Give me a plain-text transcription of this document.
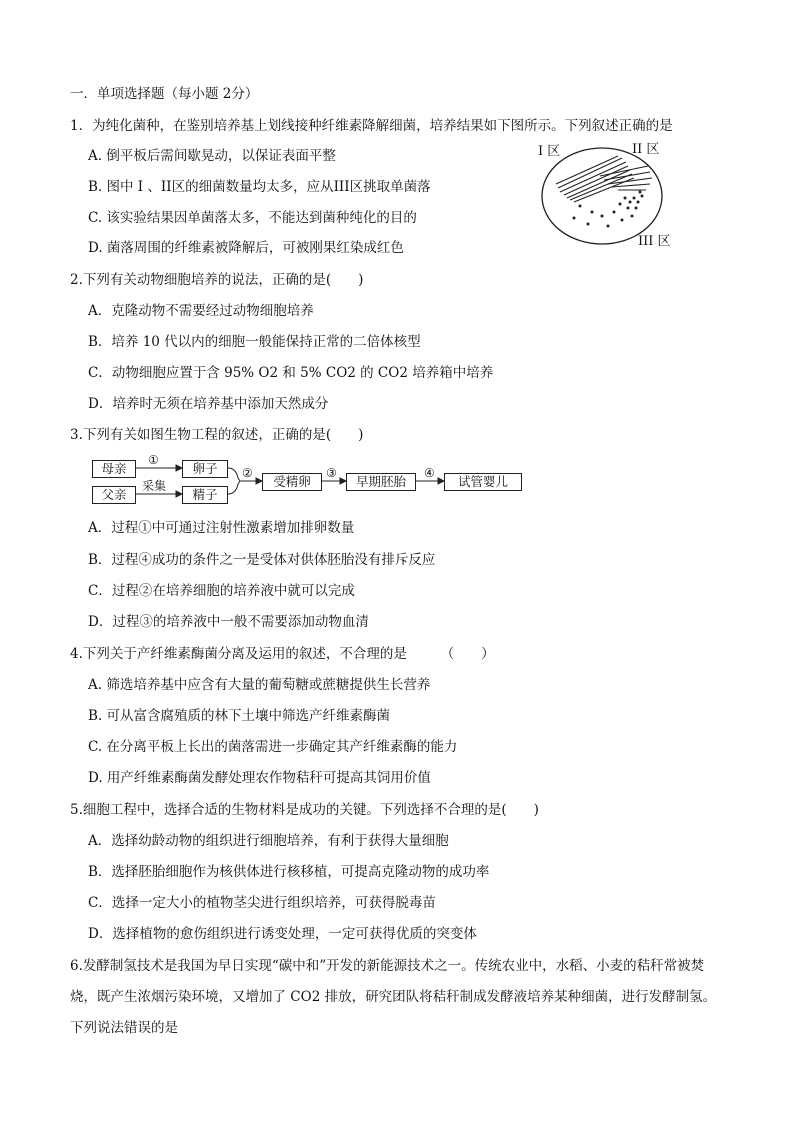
一．单项选择题（每小题 2分）
1．为纯化菌种，在鉴别培养基上划线接种纤维素降解细菌，培养结果如下图所示。下列叙述正确的是
A. 倒平板后需间歇晃动，以保证表面平整
B. 图中 I 、II区的细菌数量均太多，应从III区挑取单菌落
C. 该实验结果因单菌落太多，不能达到菌种纯化的目的
D. 菌落周围的纤维素被降解后，可被刚果红染成红色
I 区	II 区
III 区
2.下列有关动物细胞培养的说法，正确的是(　　)
A．克隆动物不需要经过动物细胞培养
B．培养 10 代以内的细胞一般能保持正常的二倍体核型
C．动物细胞应置于含 95% O2 和 5% CO2 的 CO2 培养箱中培养
D．培养时无须在培养基中添加天然成分
3.下列有关如图生物工程的叙述，正确的是(　　)
母亲
父亲
卵子
精子
受精卵	早期胚胎	试管婴儿
①
采集
②	③	④
A．过程①中可通过注射性激素增加排卵数量
B．过程④成功的条件之一是受体对供体胚胎没有排斥反应
C．过程②在培养细胞的培养液中就可以完成
D．过程③的培养液中一般不需要添加动物血清
4.下列关于产纤维素酶菌分离及运用的叙述，不合理的是　　　（　　）
A. 筛选培养基中应含有大量的葡萄糖或蔗糖提供生长营养
B. 可从富含腐殖质的林下土壤中筛选产纤维素酶菌
C. 在分离平板上长出的菌落需进一步确定其产纤维素酶的能力
D. 用产纤维素酶菌发酵处理农作物秸秆可提高其饲用价值
5.细胞工程中，选择合适的生物材料是成功的关键。下列选择不合理的是(　　)
A．选择幼龄动物的组织进行细胞培养，有利于获得大量细胞
B．选择胚胎细胞作为核供体进行核移植，可提高克隆动物的成功率
C．选择一定大小的植物茎尖进行组织培养，可获得脱毒苗
D．选择植物的愈伤组织进行诱变处理，一定可获得优质的突变体
6.发酵制氢技术是我国为早日实现“碳中和”开发的新能源技术之一。传统农业中，水稻、小麦的秸秆常被焚
烧，既产生浓烟污染环境，又增加了 CO2 排放，研究团队将秸秆制成发酵液培养某种细菌，进行发酵制氢。
下列说法错误的是
